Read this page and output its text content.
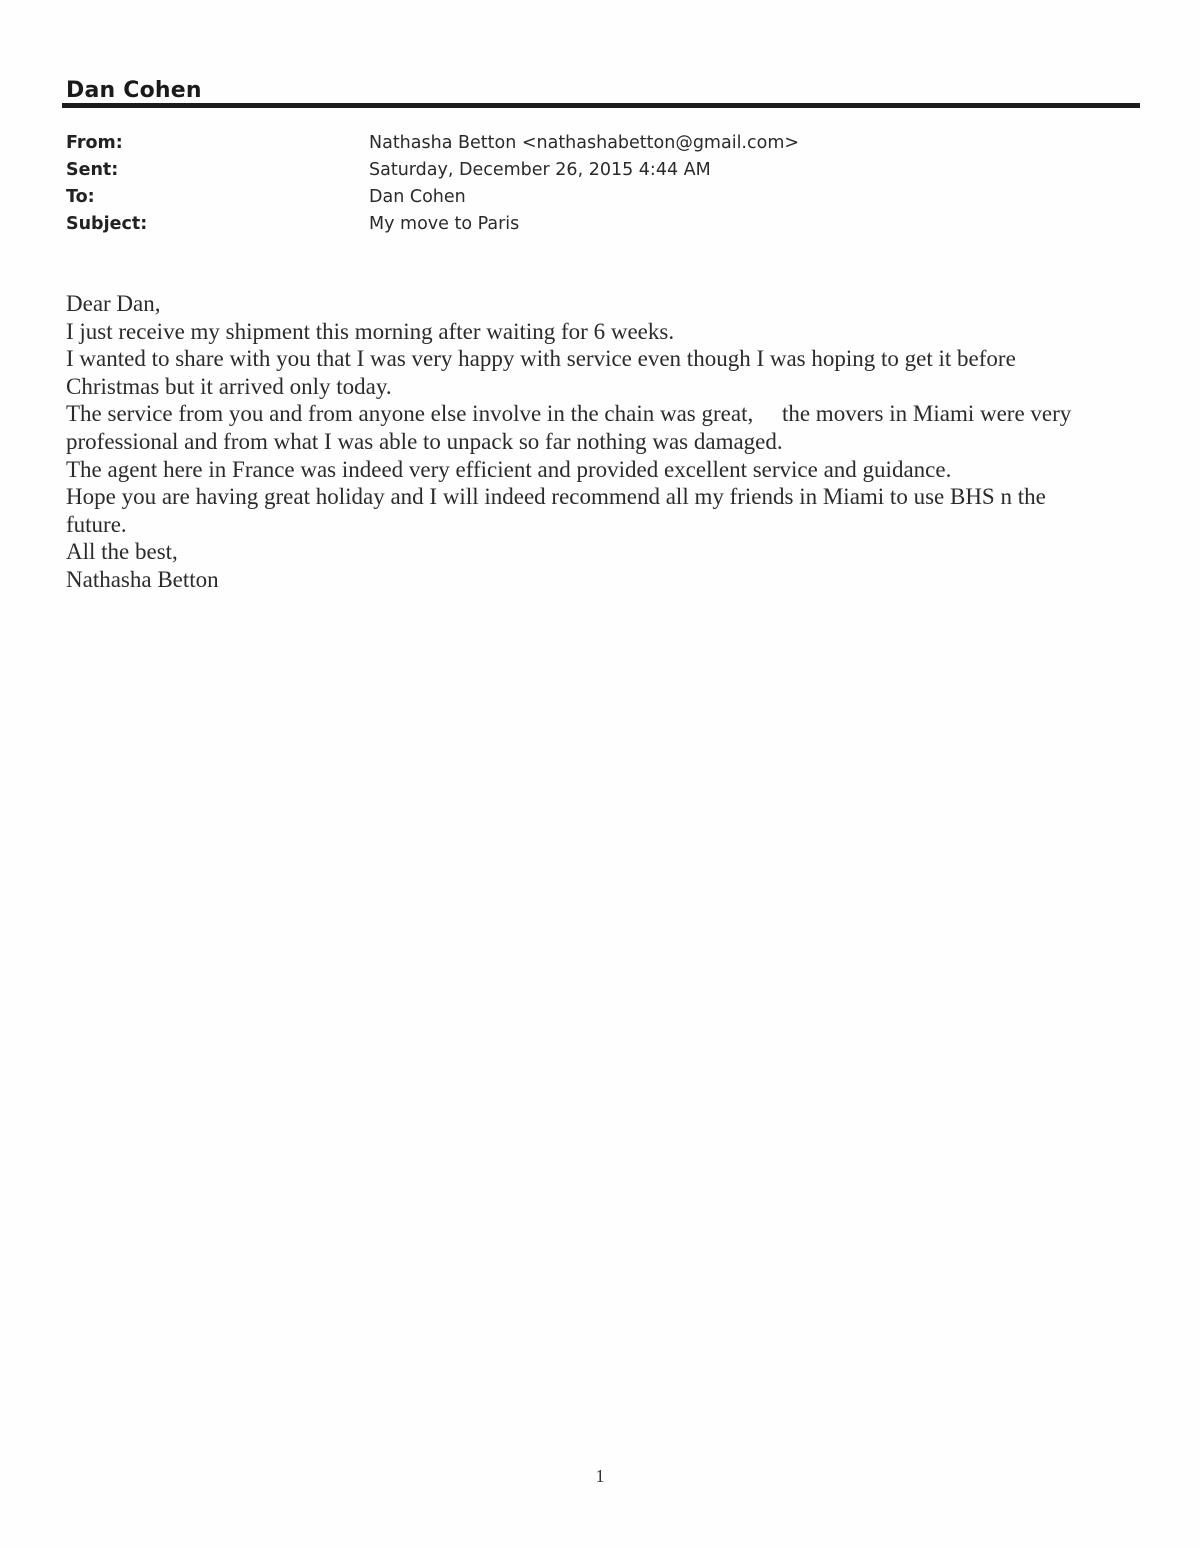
Dan Cohen
From:	Nathasha Betton <nathashabetton@gmail.com>
Sent:	Saturday, December 26, 2015 4:44 AM
To:	Dan Cohen
Subject:	My move to Paris

Dear Dan,

I just receive my shipment this morning after waiting for 6 weeks.

I wanted to share with you that I was very happy with service even though I was hoping to get it before

Christmas but it arrived only today.

The service from you and from anyone else involve in the chain was great,     the movers in Miami were very

professional and from what I was able to unpack so far nothing was damaged.

The agent here in France was indeed very efficient and provided excellent service and guidance.

Hope you are having great holiday and I will indeed recommend all my friends in Miami to use BHS n the

future.

All the best,

Nathasha Betton

1
